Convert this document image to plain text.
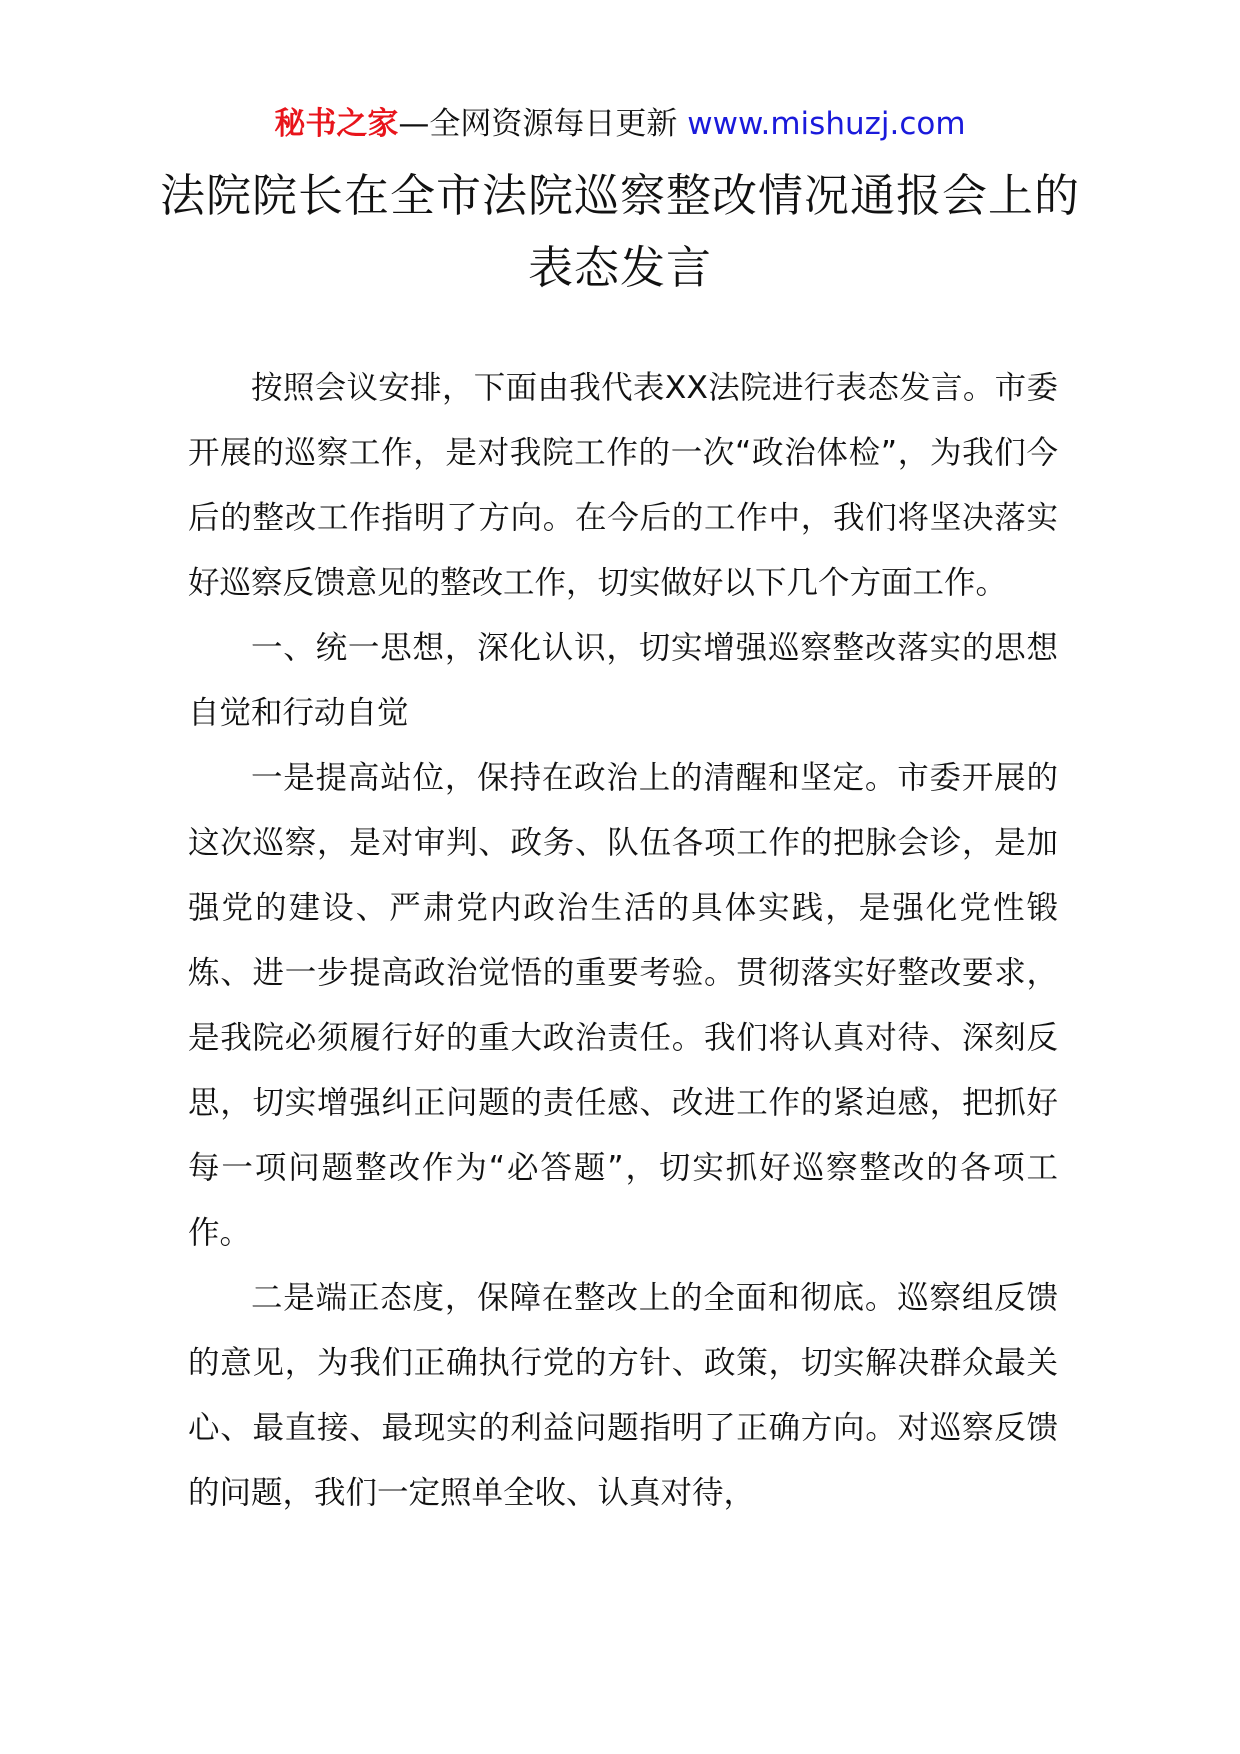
秘书之家—全网资源每日更新 www.mishuzj.com
法院院长在全市法院巡察整改情况通报会上的表态发言

按照会议安排，下面由我代表XX法院进行表态发言。市委开展的巡察工作，是对我院工作的一次“政治体检”，为我们今后的整改工作指明了方向。在今后的工作中，我们将坚决落实好巡察反馈意见的整改工作，切实做好以下几个方面工作。

一、统一思想，深化认识，切实增强巡察整改落实的思想自觉和行动自觉

一是提高站位，保持在政治上的清醒和坚定。市委开展的这次巡察，是对审判、政务、队伍各项工作的把脉会诊，是加强党的建设、严肃党内政治生活的具体实践，是强化党性锻炼、进一步提高政治觉悟的重要考验。贯彻落实好整改要求，是我院必须履行好的重大政治责任。我们将认真对待、深刻反思，切实增强纠正问题的责任感、改进工作的紧迫感，把抓好每一项问题整改作为“必答题”，切实抓好巡察整改的各项工作。

二是端正态度，保障在整改上的全面和彻底。巡察组反馈的意见，为我们正确执行党的方针、政策，切实解决群众最关心、最直接、最现实的利益问题指明了正确方向。对巡察反馈的问题，我们一定照单全收、认真对待，
